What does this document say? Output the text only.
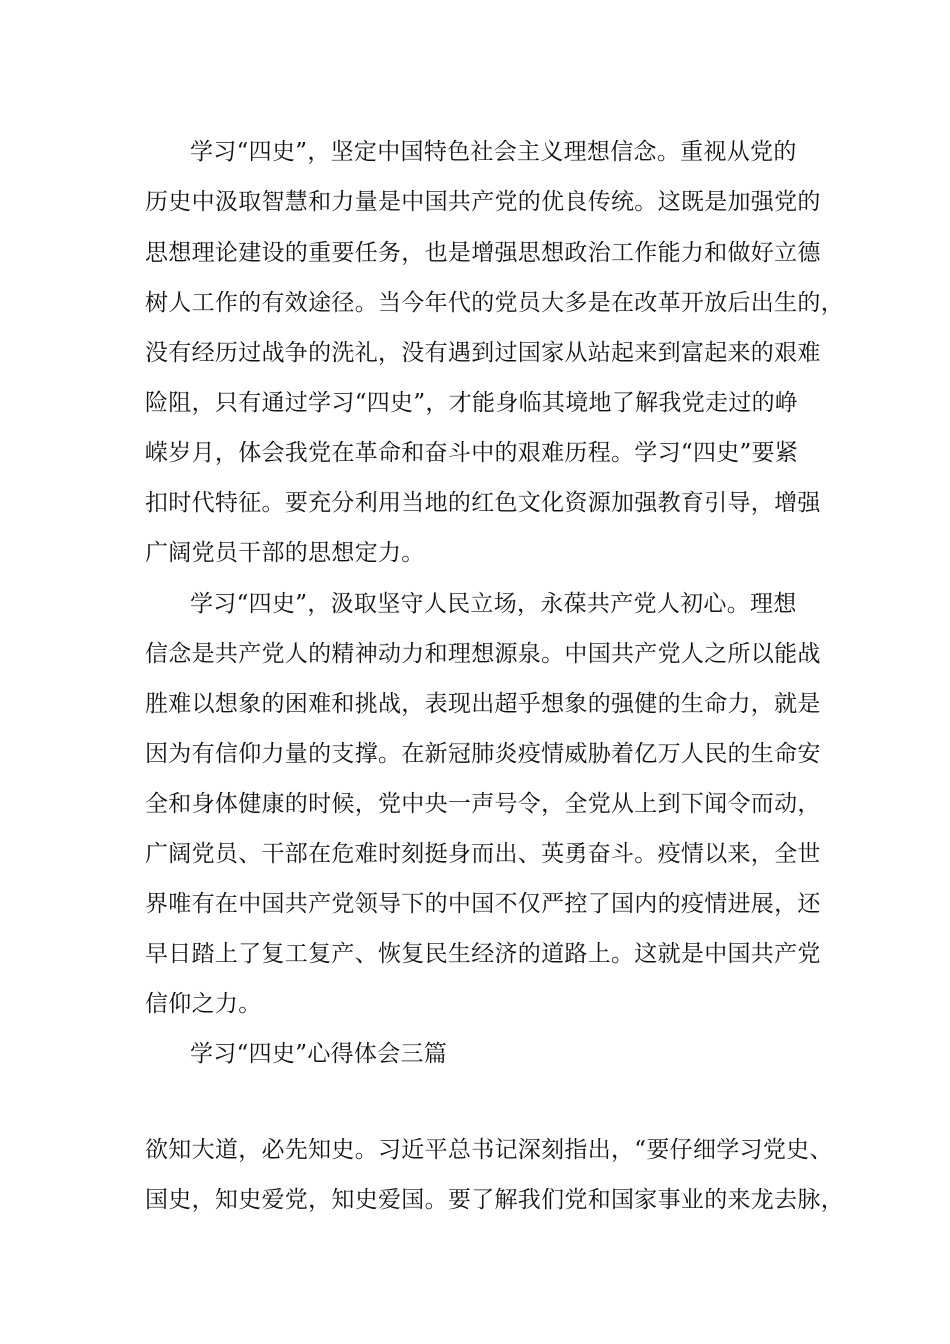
学习“四史”，坚定中国特色社会主义理想信念。重视从党的
历史中汲取智慧和力量是中国共产党的优良传统。这既是加强党的
思想理论建设的重要任务，也是增强思想政治工作能力和做好立德
树人工作的有效途径。当今年代的党员大多是在改革开放后出生的，
没有经历过战争的洗礼，没有遇到过国家从站起来到富起来的艰难
险阻，只有通过学习“四史”，才能身临其境地了解我党走过的峥
嵘岁月，体会我党在革命和奋斗中的艰难历程。学习“四史”要紧
扣时代特征。要充分利用当地的红色文化资源加强教育引导，增强
广阔党员干部的思想定力。
学习“四史”，汲取坚守人民立场，永葆共产党人初心。理想
信念是共产党人的精神动力和理想源泉。中国共产党人之所以能战
胜难以想象的困难和挑战，表现出超乎想象的强健的生命力，就是
因为有信仰力量的支撑。在新冠肺炎疫情威胁着亿万人民的生命安
全和身体健康的时候，党中央一声号令，全党从上到下闻令而动，
广阔党员、干部在危难时刻挺身而出、英勇奋斗。疫情以来，全世
界唯有在中国共产党领导下的中国不仅严控了国内的疫情进展，还
早日踏上了复工复产、恢复民生经济的道路上。这就是中国共产党
信仰之力。
学习“四史”心得体会三篇
欲知大道，必先知史。习近平总书记深刻指出，“要仔细学习党史、
国史，知史爱党，知史爱国。要了解我们党和国家事业的来龙去脉，
